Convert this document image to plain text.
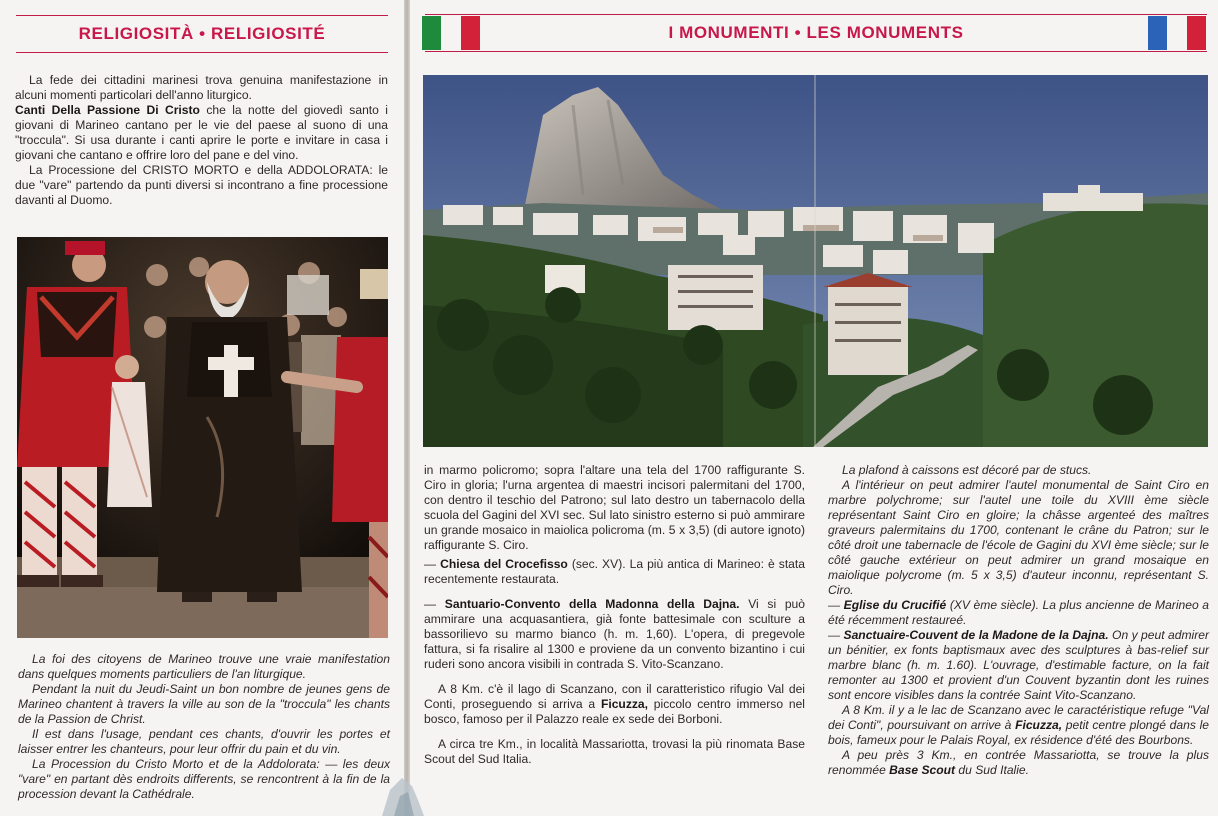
RELIGIOSITÀ • RELIGIOSITÉ

La fede dei cittadini marinesi trova genuina manifestazione in alcuni momenti particolari dell'anno liturgico.

Canti Della Passione Di Cristo che la notte del giovedì santo i giovani di Marineo cantano per le vie del paese al suono di una "troccula". Si usa durante i canti aprire le porte e invitare in casa i giovani che cantano e offrire loro del pane e del vino.

La Processione del CRISTO MORTO e della ADDOLORATA: le due "vare" partendo da punti diversi si incontrano a fine processione davanti al Duomo.

La foi des citoyens de Marineo trouve une vraie manifestation dans quelques moments particuliers de l'an liturgique.

Pendant la nuit du Jeudi-Saint un bon nombre de jeunes gens de Marineo chantent à travers la ville au son de la "troccula" les chants de la Passion de Christ.

Il est dans l'usage, pendant ces chants, d'ouvrir les portes et laisser entrer les chanteurs, pour leur offrir du pain et du vin.

La Procession du Cristo Morto et de la Addolorata: — les deux "vare" en partant dès endroits differents, se rencontrent à la fin de la procession devant la Cathédrale.

I MONUMENTI • LES MONUMENTS

in marmo policromo; sopra l'altare una tela del 1700 raffigurante S. Ciro in gloria; l'urna argentea di maestri incisori palermitani del 1700, con dentro il teschio del Patrono; sul lato destro un tabernacolo della scuola del Gagini del XVI sec. Sul lato sinistro esterno si può ammirare un grande mosaico in maiolica policroma (m. 5 x 3,5) (di autore ignoto) raffigurante S. Ciro.

— Chiesa del Crocefisso (sec. XV). La più antica di Marineo: è stata recentemente restaurata.

— Santuario-Convento della Madonna della Dajna. Vi si può ammirare una acquasantiera, già fonte battesimale con sculture a bassorilievo su marmo bianco (h. m. 1,60). L'opera, di pregevole fattura, si fa risalire al 1300 e proviene da un convento bizantino i cui ruderi sono ancora visibili in contrada S. Vito-Scanzano.

A 8 Km. c'è il lago di Scanzano, con il caratteristico rifugio Val dei Conti, proseguendo si arriva a Ficuzza, piccolo centro immerso nel bosco, famoso per il Palazzo reale ex sede dei Borboni.

A circa tre Km., in località Massariotta, trovasi la più rinomata Base Scout del Sud Italia.

La plafond à caissons est décoré par de stucs.

A l'intérieur on peut admirer l'autel monumental de Saint Ciro en marbre polychrome; sur l'autel une toile du XVIII ème siècle représentant Saint Ciro en gloire; la châsse argenteé des maîtres graveurs palermitains du 1700, contenant le crâne du Patron; sur le côté droit une tabernacle de l'école de Gagini du XVI ème siècle; sur le côté gauche extérieur on peut admirer un grand mosaique en maiolique polycrome (m. 5 x 3,5) d'auteur inconnu, représentant S. Ciro.

— Eglise du Crucifié (XV ème siècle). La plus ancienne de Marineo a été récemment restaureé.

— Sanctuaire-Couvent de la Madone de la Dajna. On y peut admirer un bénitier, ex fonts baptismaux avec des sculptures à bas-relief sur marbre blanc (h. m. 1.60). L'ouvrage, d'estimable facture, on la fait remonter au 1300 et provient d'un Couvent byzantin dont les ruines sont encore visibles dans la contrée Saint Vito-Scanzano.

A 8 Km. il y a le lac de Scanzano avec le caractéristique refuge "Val dei Conti", poursuivant on arrive à Ficuzza, petit centre plongé dans le bois, fameux pour le Palais Royal, ex résidence d'été des Bourbons.

A peu près 3 Km., en contrée Massariotta, se trouve la plus renommée Base Scout du Sud Italie.
